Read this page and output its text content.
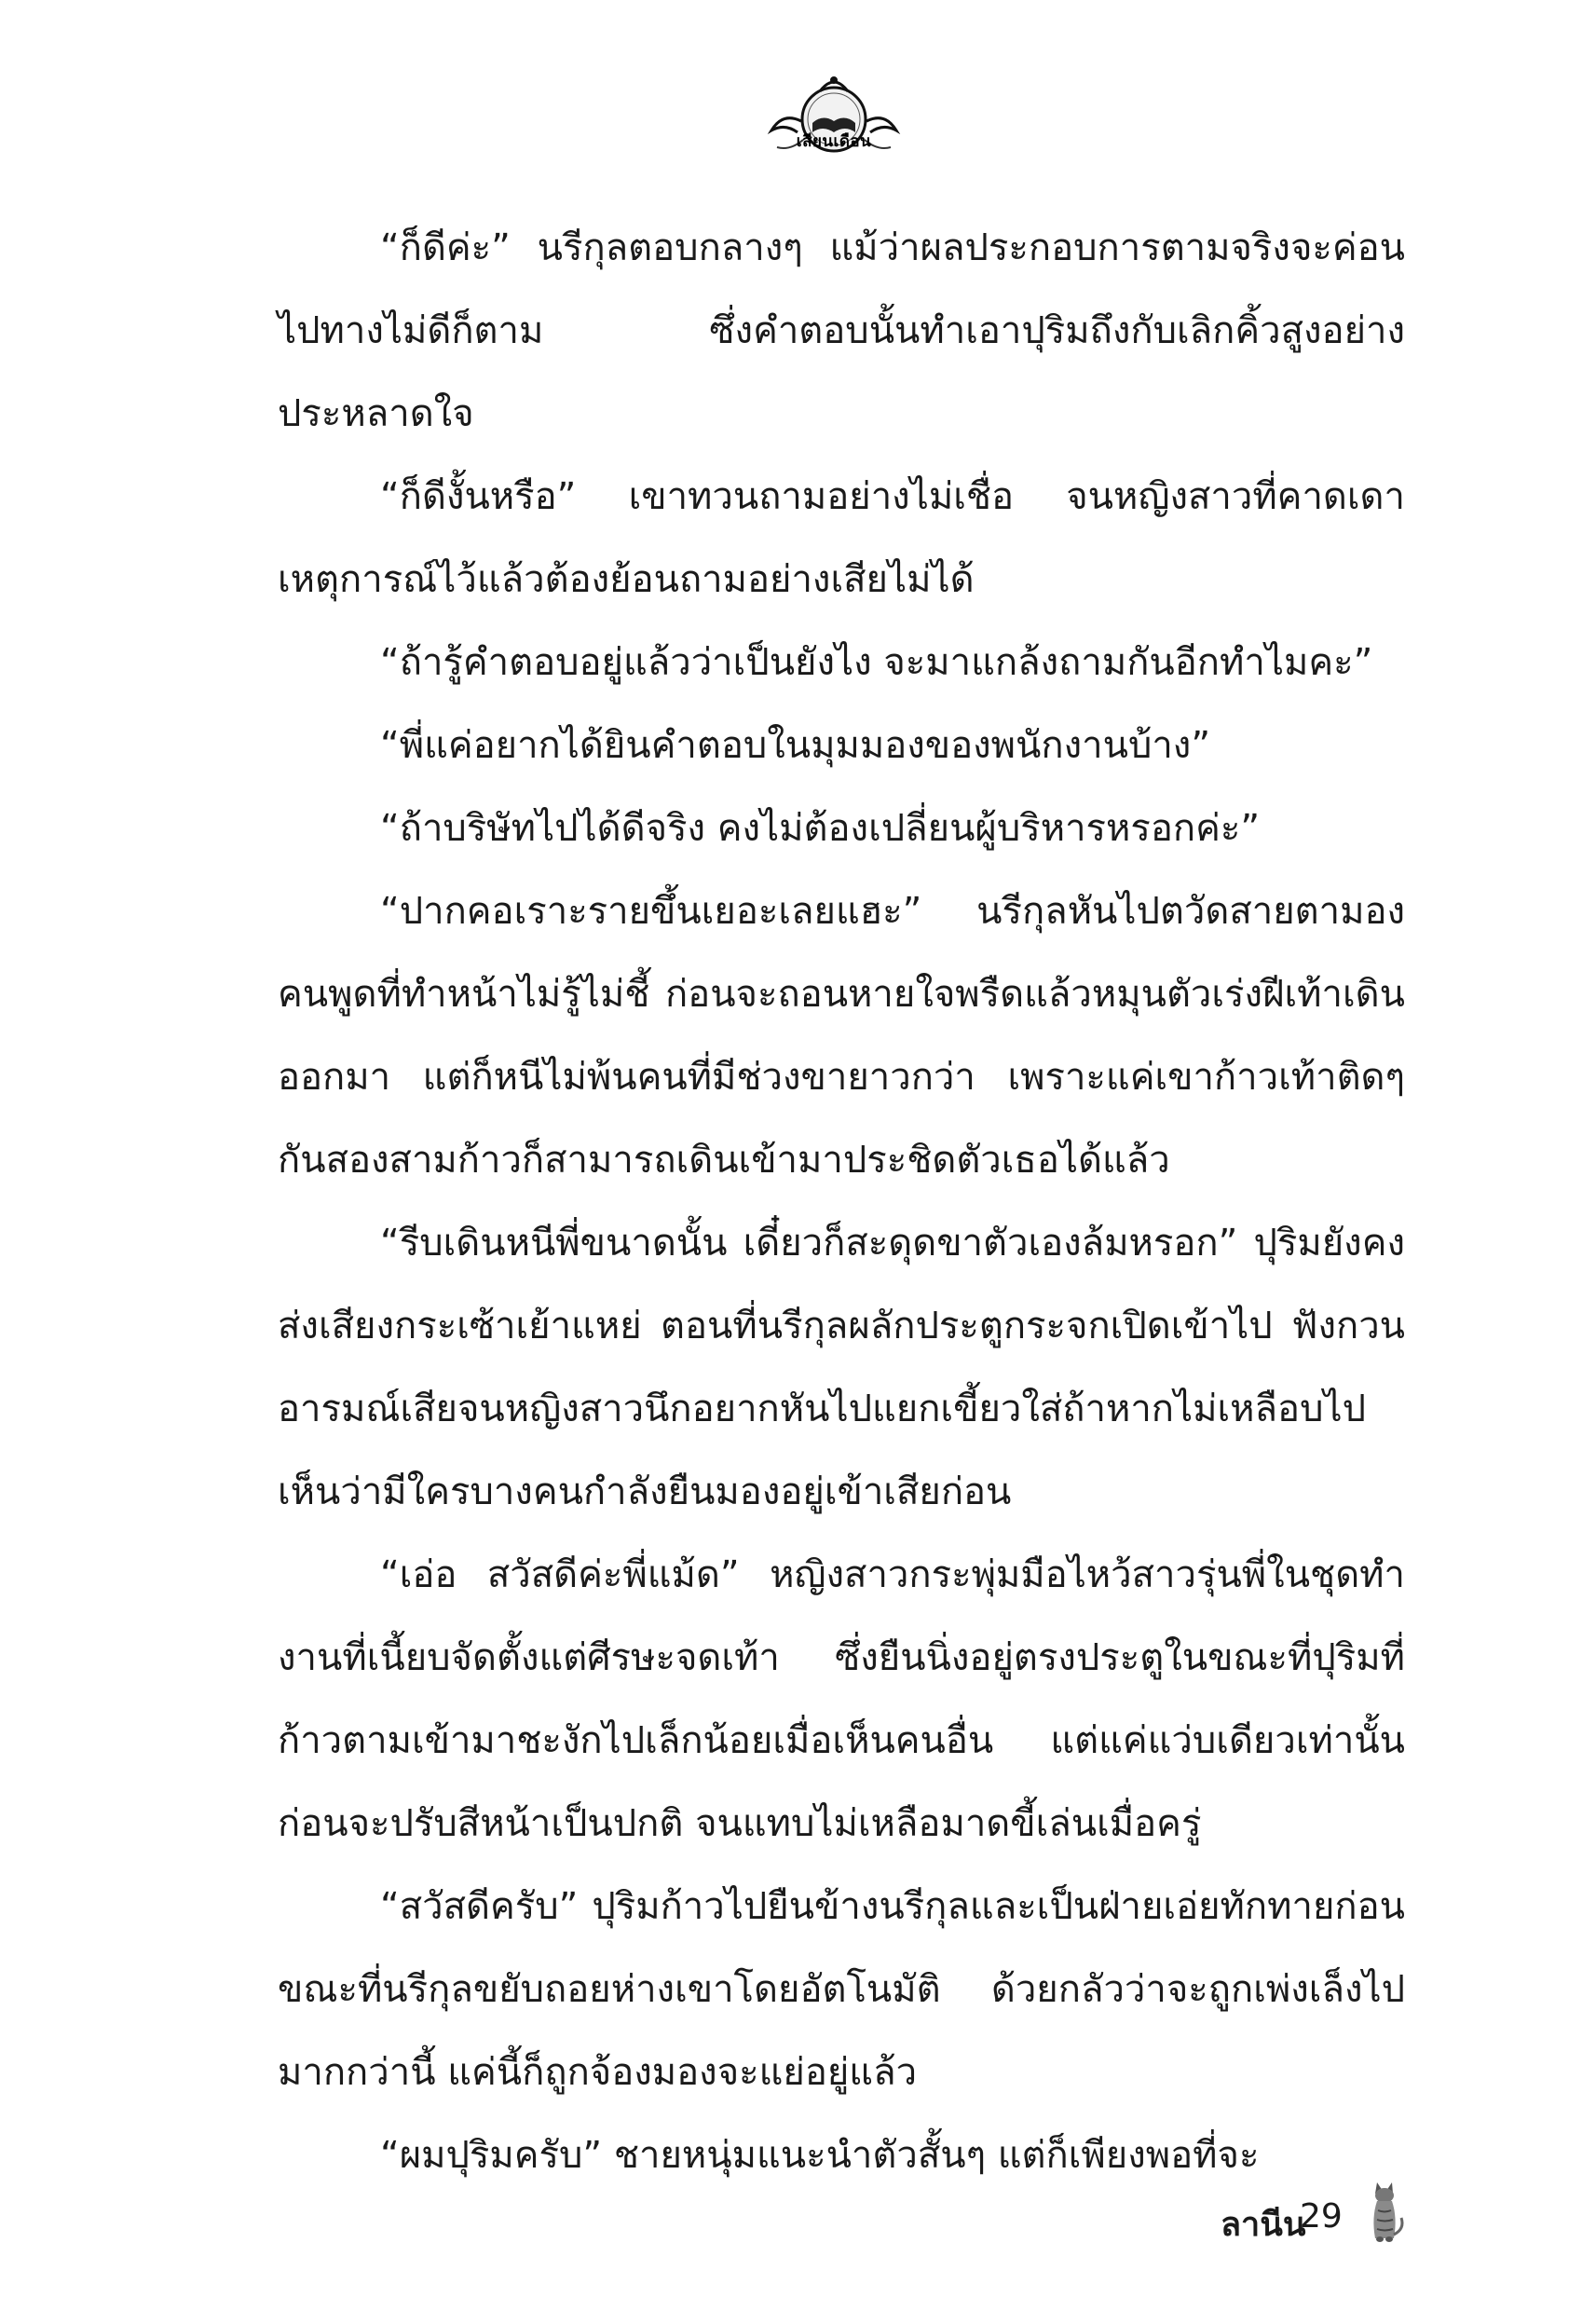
เสียนเดือน

“ก็ดีค่ะ” นรีกุลตอบกลางๆ แม้ว่าผลประกอบการตามจริงจะค่อนไปทางไม่ดีก็ตาม ซึ่งคำตอบนั้นทำเอาปุริมถึงกับเลิกคิ้วสูงอย่างประหลาดใจ

“ก็ดีงั้นหรือ” เขาทวนถามอย่างไม่เชื่อ จนหญิงสาวที่คาดเดาเหตุการณ์ไว้แล้วต้องย้อนถามอย่างเสียไม่ได้

“ถ้ารู้คำตอบอยู่แล้วว่าเป็นยังไง จะมาแกล้งถามกันอีกทำไมคะ”

“พี่แค่อยากได้ยินคำตอบในมุมมองของพนักงานบ้าง”

“ถ้าบริษัทไปได้ดีจริง คงไม่ต้องเปลี่ยนผู้บริหารหรอกค่ะ”

“ปากคอเราะรายขึ้นเยอะเลยแฮะ” นรีกุลหันไปตวัดสายตามองคนพูดที่ทำหน้าไม่รู้ไม่ชี้ ก่อนจะถอนหายใจพรืดแล้วหมุนตัวเร่งฝีเท้าเดินออกมา แต่ก็หนีไม่พ้นคนที่มีช่วงขายาวกว่า เพราะแค่เขาก้าวเท้าติดๆ กันสองสามก้าวก็สามารถเดินเข้ามาประชิดตัวเธอได้แล้ว

“รีบเดินหนีพี่ขนาดนั้น เดี๋ยวก็สะดุดขาตัวเองล้มหรอก” ปุริมยังคงส่งเสียงกระเซ้าเย้าแหย่ ตอนที่นรีกุลผลักประตูกระจกเปิดเข้าไป ฟังกวนอารมณ์เสียจนหญิงสาวนึกอยากหันไปแยกเขี้ยวใส่ถ้าหากไม่เหลือบไปเห็นว่ามีใครบางคนกำลังยืนมองอยู่เข้าเสียก่อน

“เอ่อ สวัสดีค่ะพี่แม้ด” หญิงสาวกระพุ่มมือไหว้สาวรุ่นพี่ในชุดทำงานที่เนี้ยบจัดตั้งแต่ศีรษะจดเท้า ซึ่งยืนนิ่งอยู่ตรงประตูในขณะที่ปุริมที่ก้าวตามเข้ามาชะงักไปเล็กน้อยเมื่อเห็นคนอื่น แต่แค่แว่บเดียวเท่านั้น ก่อนจะปรับสีหน้าเป็นปกติ จนแทบไม่เหลือมาดขี้เล่นเมื่อครู่

“สวัสดีครับ” ปุริมก้าวไปยืนข้างนรีกุลและเป็นฝ่ายเอ่ยทักทายก่อน ขณะที่นรีกุลขยับถอยห่างเขาโดยอัตโนมัติ ด้วยกลัวว่าจะถูกเพ่งเล็งไปมากกว่านี้ แค่นี้ก็ถูกจ้องมองจะแย่อยู่แล้ว

“ผมปุริมครับ” ชายหนุ่มแนะนำตัวสั้นๆ แต่ก็เพียงพอที่จะ

ลานีน
29
